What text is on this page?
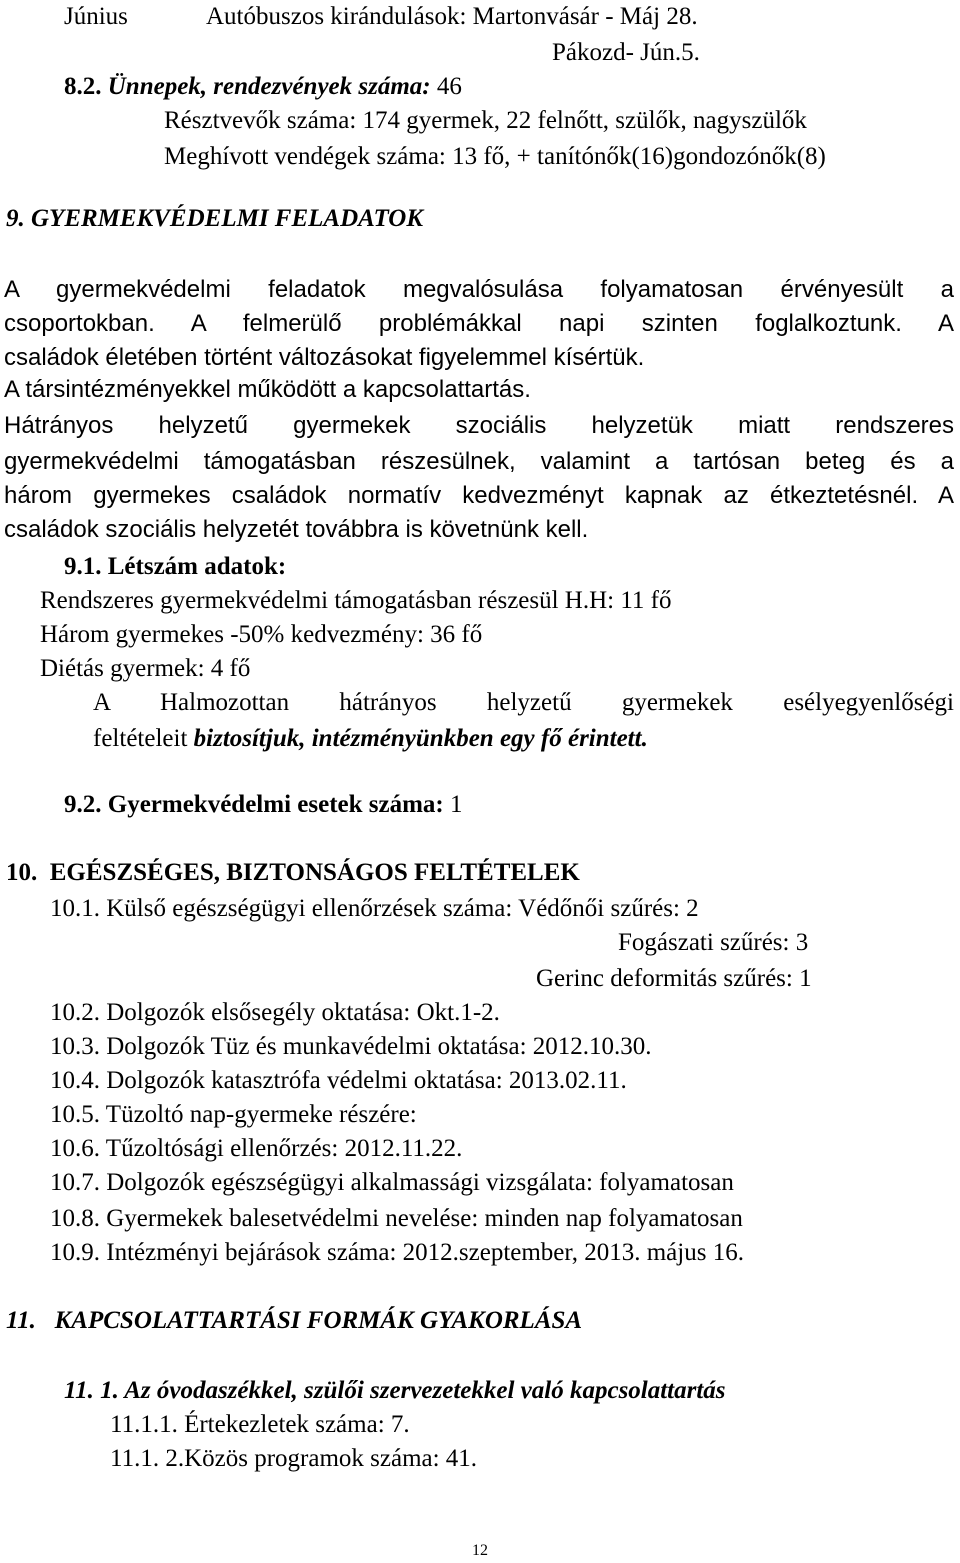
Június	Autóbuszos kirándulások: Martonvásár - Máj 28.
Pákozd- Jún.5.
8.2. Ünnepek, rendezvények száma: 46
Résztvevők száma: 174 gyermek, 22 felnőtt, szülők, nagyszülők
Meghívott vendégek száma: 13 fő, + tanítónők(16)gondozónők(8)
9. GYERMEKVÉDELMI FELADATOK
A gyermekvédelmi feladatok megvalósulása folyamatosan érvényesült a
csoportokban. A felmerülő problémákkal napi szinten foglalkoztunk. A
családok életében történt változásokat figyelemmel kísértük.
A társintézményekkel működött a kapcsolattartás.
Hátrányos helyzetű gyermekek szociális helyzetük miatt rendszeres
gyermekvédelmi támogatásban részesülnek, valamint a tartósan beteg és a
három gyermekes családok normatív kedvezményt kapnak az étkeztetésnél. A
családok szociális helyzetét továbbra is követnünk kell.
9.1. Létszám adatok:
Rendszeres gyermekvédelmi támogatásban részesül H.H: 11 fő
Három gyermekes -50% kedvezmény: 36 fő
Diétás gyermek: 4 fő
A Halmozottan hátrányos helyzetű gyermekek esélyegyenlőségi
feltételeit biztosítjuk, intézményünkben egy fő érintett.
9.2. Gyermekvédelmi esetek száma: 1
10.  EGÉSZSÉGES, BIZTONSÁGOS FELTÉTELEK
10.1. Külső egészségügyi ellenőrzések száma: Védőnői szűrés: 2
Fogászati szűrés: 3
Gerinc deformitás szűrés: 1
10.2. Dolgozók elsősegély oktatása: Okt.1-2.
10.3. Dolgozók Tüz és munkavédelmi oktatása: 2012.10.30.
10.4. Dolgozók katasztrófa védelmi oktatása: 2013.02.11.
10.5. Tüzoltó nap-gyermeke részére:
10.6. Tűzoltósági ellenőrzés: 2012.11.22.
10.7. Dolgozók egészségügyi alkalmassági vizsgálata: folyamatosan
10.8. Gyermekek balesetvédelmi nevelése: minden nap folyamatosan
10.9. Intézményi bejárások száma: 2012.szeptember, 2013. május 16.
11.   KAPCSOLATTARTÁSI FORMÁK GYAKORLÁSA
11. 1. Az óvodaszékkel, szülői szervezetekkel való kapcsolattartás
11.1.1. Értekezletek száma: 7.
11.1. 2.Közös programok száma: 41.
12
